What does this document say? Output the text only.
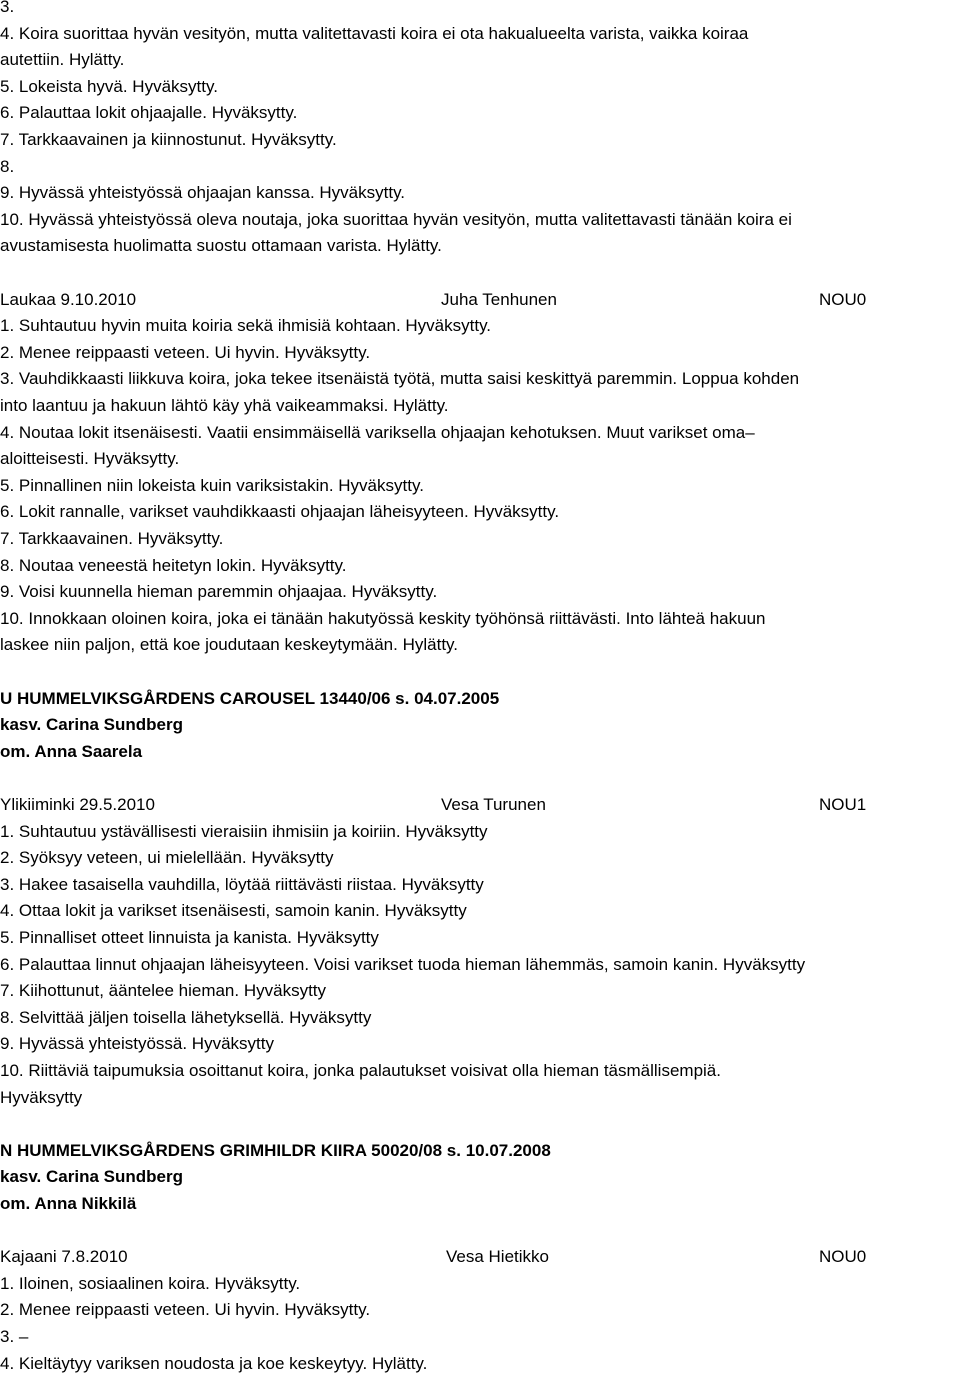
3.
4. Koira suorittaa hyvän vesityön, mutta valitettavasti koira ei ota hakualueelta varista, vaikka koiraa
autettiin. Hylätty.
5. Lokeista hyvä. Hyväksytty.
6. Palauttaa lokit ohjaajalle. Hyväksytty.
7. Tarkkaavainen ja kiinnostunut. Hyväksytty.
8.
9. Hyvässä yhteistyössä ohjaajan kanssa. Hyväksytty.
10. Hyvässä yhteistyössä oleva noutaja, joka suorittaa hyvän vesityön, mutta valitettavasti tänään koira ei
avustamisesta huolimatta suostu ottamaan varista. Hylätty.
Laukaa 9.10.2010	Juha Tenhunen	NOU0
1. Suhtautuu hyvin muita koiria sekä ihmisiä kohtaan. Hyväksytty.
2. Menee reippaasti veteen. Ui hyvin. Hyväksytty.
3. Vauhdikkaasti liikkuva koira, joka tekee itsenäistä työtä, mutta saisi keskittyä paremmin. Loppua kohden
into laantuu ja hakuun lähtö käy yhä vaikeammaksi. Hylätty.
4. Noutaa lokit itsenäisesti. Vaatii ensimmäisellä variksella ohjaajan kehotuksen. Muut varikset oma–
aloitteisesti. Hyväksytty.
5. Pinnallinen niin lokeista kuin variksistakin. Hyväksytty.
6. Lokit rannalle, varikset vauhdikkaasti ohjaajan läheisyyteen. Hyväksytty.
7. Tarkkaavainen. Hyväksytty.
8. Noutaa veneestä heitetyn lokin. Hyväksytty.
9. Voisi kuunnella hieman paremmin ohjaajaa. Hyväksytty.
10. Innokkaan oloinen koira, joka ei tänään hakutyössä keskity työhönsä riittävästi. Into lähteä hakuun
laskee niin paljon, että koe joudutaan keskeytymään. Hylätty.
U HUMMELVIKSGÅRDENS CAROUSEL 13440/06 s. 04.07.2005
kasv. Carina Sundberg
om. Anna Saarela
Ylikiiminki 29.5.2010	Vesa Turunen	NOU1
1. Suhtautuu ystävällisesti vieraisiin ihmisiin ja koiriin. Hyväksytty
2. Syöksyy veteen, ui mielellään. Hyväksytty
3. Hakee tasaisella vauhdilla, löytää riittävästi riistaa. Hyväksytty
4. Ottaa lokit ja varikset itsenäisesti, samoin kanin. Hyväksytty
5. Pinnalliset otteet linnuista ja kanista. Hyväksytty
6. Palauttaa linnut ohjaajan läheisyyteen. Voisi varikset tuoda hieman lähemmäs, samoin kanin. Hyväksytty
7. Kiihottunut, ääntelee hieman. Hyväksytty
8. Selvittää jäljen toisella lähetyksellä. Hyväksytty
9. Hyvässä yhteistyössä. Hyväksytty
10. Riittäviä taipumuksia osoittanut koira, jonka palautukset voisivat olla hieman täsmällisempiä.
Hyväksytty
N HUMMELVIKSGÅRDENS GRIMHILDR KIIRA 50020/08 s. 10.07.2008
kasv. Carina Sundberg
om. Anna Nikkilä
Kajaani 7.8.2010	Vesa Hietikko	NOU0
1. Iloinen, sosiaalinen koira. Hyväksytty.
2. Menee reippaasti veteen. Ui hyvin. Hyväksytty.
3. –
4. Kieltäytyy variksen noudosta ja koe keskeytyy. Hylätty.
